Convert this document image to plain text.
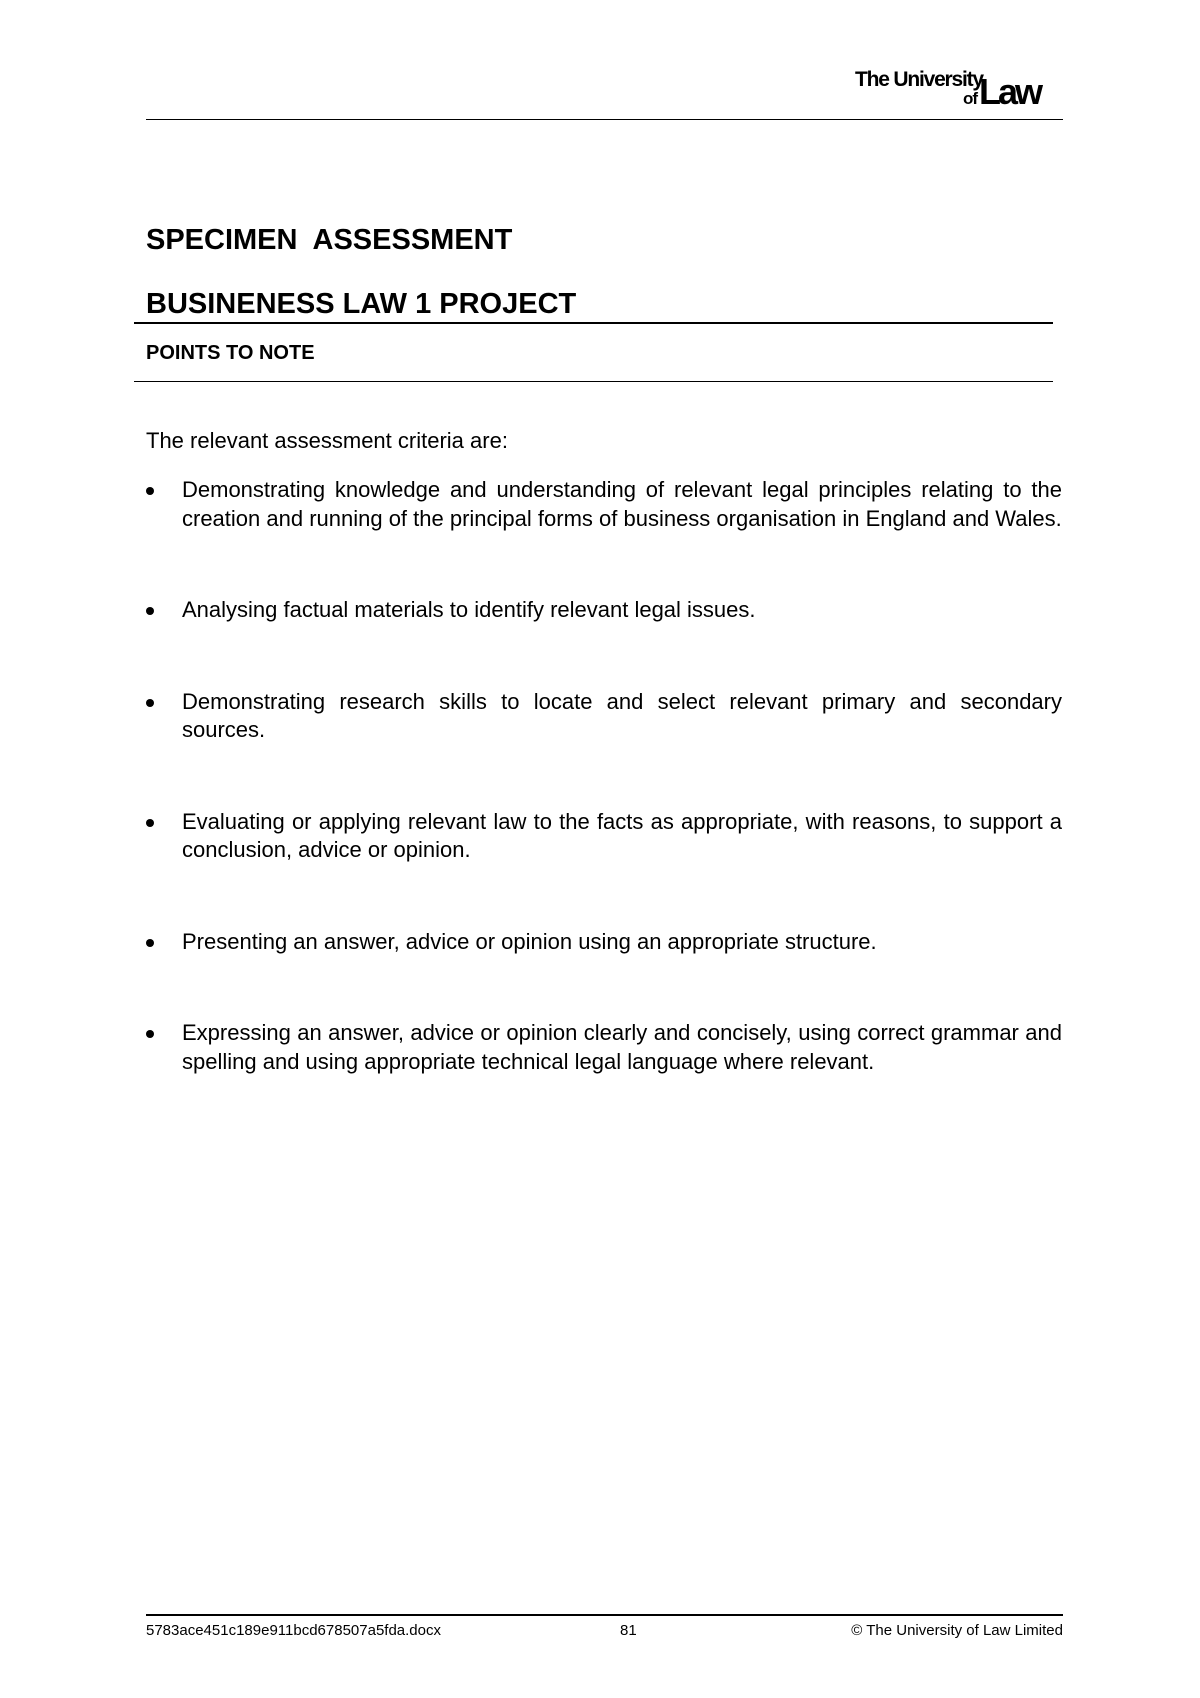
The University
of Law
SPECIMEN  ASSESSMENT
BUSINENESS LAW 1 PROJECT
POINTS TO NOTE
The relevant assessment criteria are:
Demonstrating knowledge and understanding of relevant legal principles relating to the creation and running of the principal forms of business organisation in England and Wales.
Analysing factual materials to identify relevant legal issues.
Demonstrating research skills to locate and select relevant primary and secondary sources.
Evaluating or applying relevant law to the facts as appropriate, with reasons, to support a conclusion, advice or opinion.
Presenting an answer, advice or opinion using an appropriate structure.
Expressing an answer, advice or opinion clearly and concisely, using correct grammar and spelling and using appropriate technical legal language where relevant.
5783ace451c189e911bcd678507a5fda.docx	81	© The University of Law Limited
